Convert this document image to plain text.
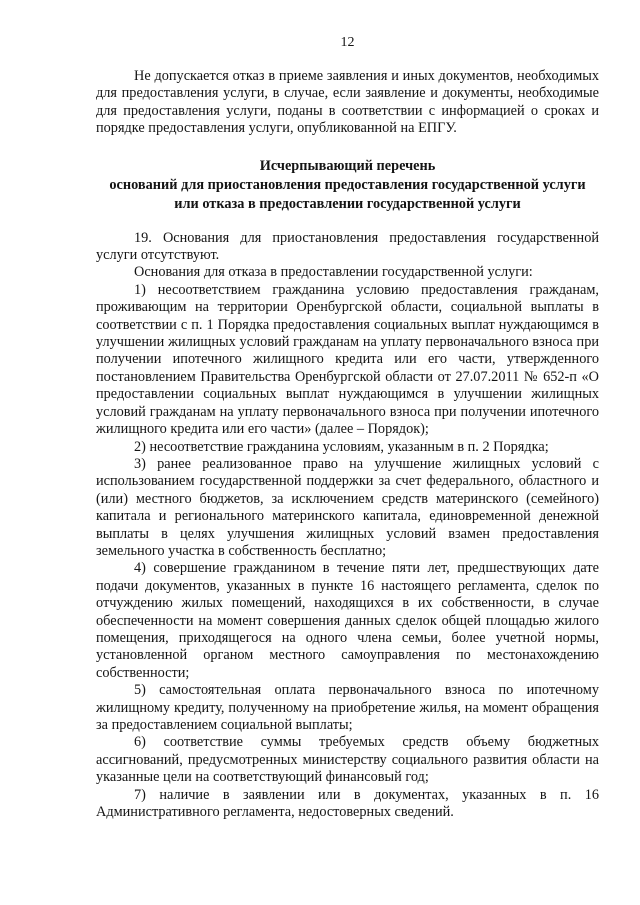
12

Не допускается отказ в приеме заявления и иных документов, необходимых для предоставления услуги, в случае, если заявление и документы, необходимые для предоставления услуги, поданы в соответствии с информацией о сроках и порядке предоставления услуги, опубликованной на ЕПГУ.

Исчерпывающий перечень

оснований для приостановления предоставления государственной услуги или отказа в предоставлении государственной услуги

19. Основания для приостановления предоставления государственной услуги отсутствуют.

Основания для отказа в предоставлении государственной услуги:

1) несоответствием гражданина условию предоставления гражданам, проживающим на территории Оренбургской области, социальной выплаты в соответствии с п. 1 Порядка предоставления социальных выплат нуждающимся в улучшении жилищных условий гражданам на уплату первоначального взноса при получении ипотечного жилищного кредита или его части, утвержденного постановлением Правительства Оренбургской области от 27.07.2011 № 652-п «О предоставлении социальных выплат нуждающимся в улучшении жилищных условий гражданам на уплату первоначального взноса при получении ипотечного жилищного кредита или его части» (далее – Порядок);

2) несоответствие гражданина условиям, указанным в п. 2 Порядка;

3) ранее реализованное право на улучшение жилищных условий с использованием государственной поддержки за счет федерального, областного и (или) местного бюджетов, за исключением средств материнского (семейного) капитала и регионального материнского капитала, единовременной денежной выплаты в целях улучшения жилищных условий взамен предоставления земельного участка в собственность бесплатно;

4) совершение гражданином в течение пяти лет, предшествующих дате подачи документов, указанных в пункте 16 настоящего регламента, сделок по отчуждению жилых помещений, находящихся в их собственности, в случае обеспеченности на момент совершения данных сделок общей площадью жилого помещения, приходящегося на одного члена семьи, более учетной нормы, установленной органом местного самоуправления по местонахождению собственности;

5) самостоятельная оплата первоначального взноса по ипотечному жилищному кредиту, полученному на приобретение жилья, на момент обращения за предоставлением социальной выплаты;

6) соответствие суммы требуемых средств объему бюджетных ассигнований, предусмотренных министерству социального развития области на указанные цели на соответствующий финансовый год;

7) наличие в заявлении или в документах, указанных в п. 16 Административного регламента, недостоверных сведений.
